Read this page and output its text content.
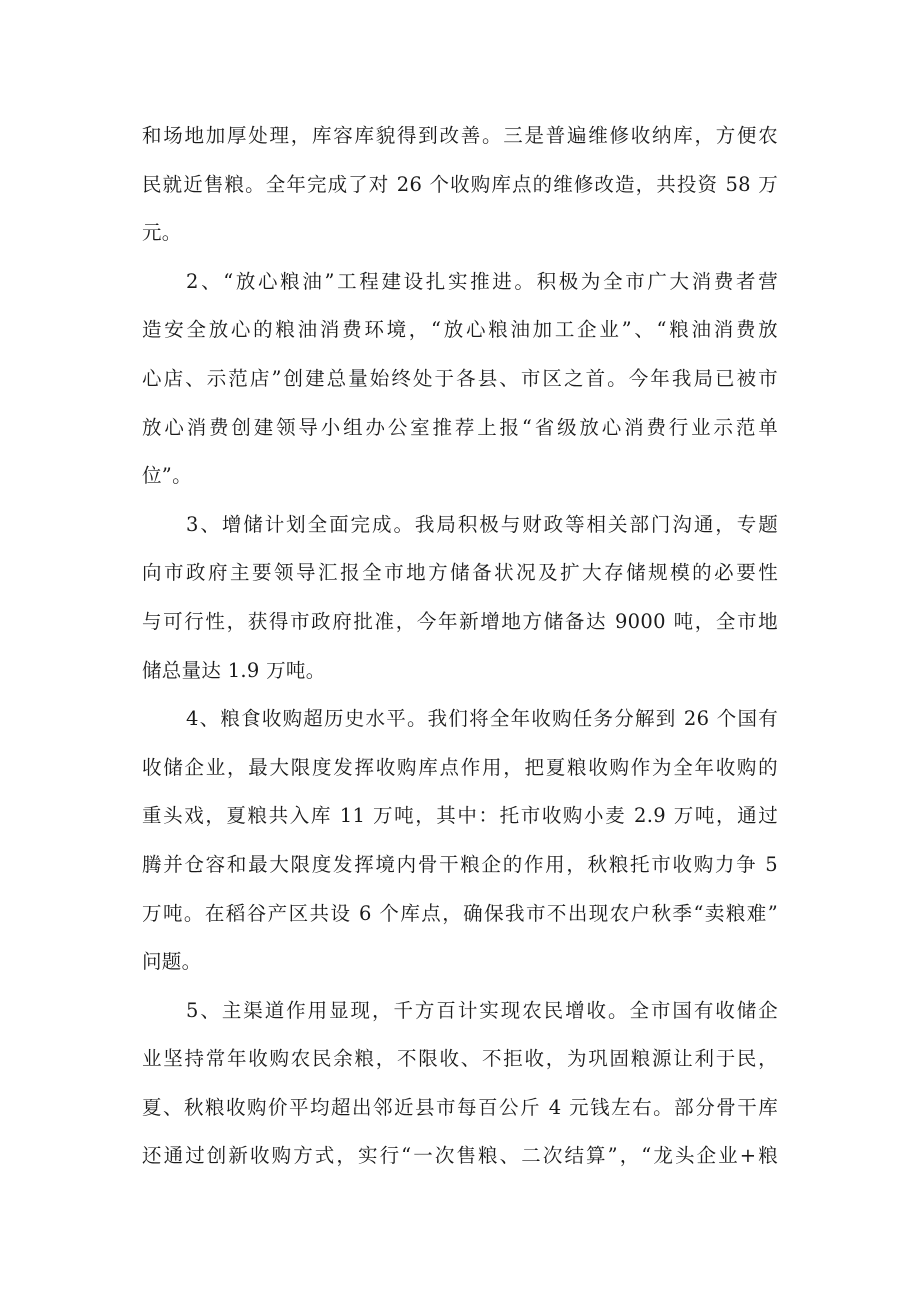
和场地加厚处理，库容库貌得到改善。三是普遍维修收纳库，方便农
民就近售粮。全年完成了对 26 个收购库点的维修改造，共投资 58 万
元。
2、“放心粮油”工程建设扎实推进。积极为全市广大消费者营
造安全放心的粮油消费环境，“放心粮油加工企业”、“粮油消费放
心店、示范店”创建总量始终处于各县、市区之首。今年我局已被市
放心消费创建领导小组办公室推荐上报“省级放心消费行业示范单
位”。
3、增储计划全面完成。我局积极与财政等相关部门沟通，专题
向市政府主要领导汇报全市地方储备状况及扩大存储规模的必要性
与可行性，获得市政府批准，今年新增地方储备达 9000 吨，全市地
储总量达 1.9 万吨。
4、粮食收购超历史水平。我们将全年收购任务分解到 26 个国有
收储企业，最大限度发挥收购库点作用，把夏粮收购作为全年收购的
重头戏，夏粮共入库 11 万吨，其中：托市收购小麦 2.9 万吨，通过
腾并仓容和最大限度发挥境内骨干粮企的作用，秋粮托市收购力争 5
万吨。在稻谷产区共设 6 个库点，确保我市不出现农户秋季“卖粮难”
问题。
5、主渠道作用显现，千方百计实现农民增收。全市国有收储企
业坚持常年收购农民余粮，不限收、不拒收，为巩固粮源让利于民，
夏、秋粮收购价平均超出邻近县市每百公斤 4 元钱左右。部分骨干库
还通过创新收购方式，实行“一次售粮、二次结算”，“龙头企业+粮
